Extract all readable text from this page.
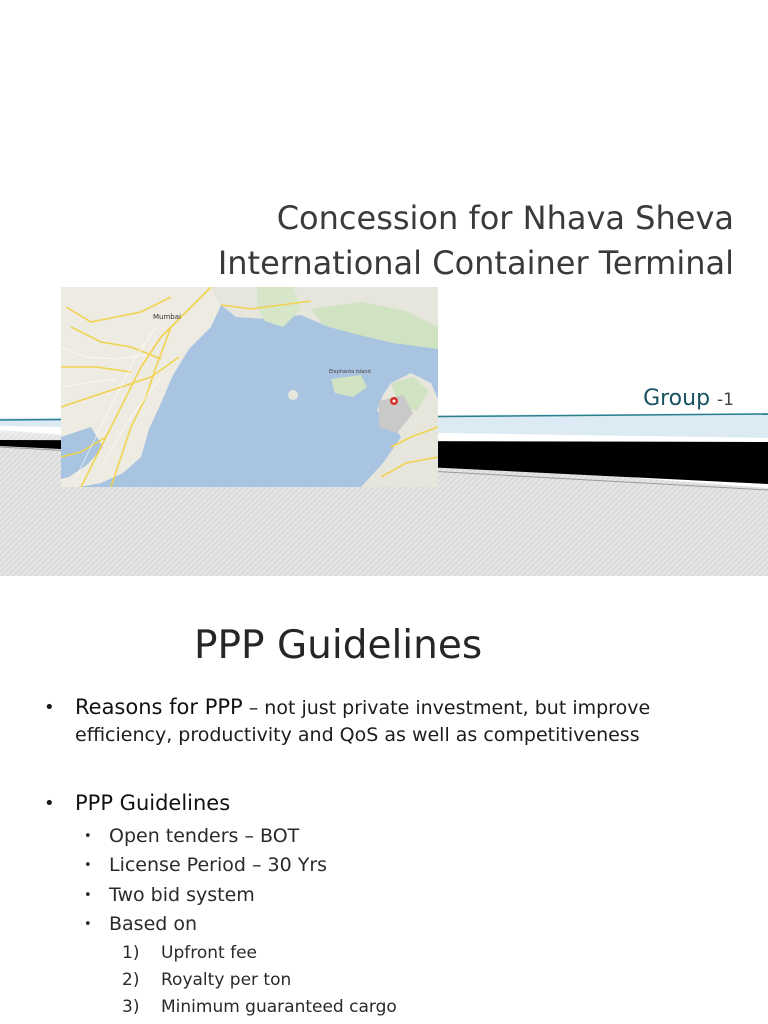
Mumbai
Elephanta Island
Concession for Nhava Sheva
International Container Terminal
Group -1
PPP Guidelines
• Reasons for PPP – not just private investment, but improve efficiency, productivity and QoS as well as competitiveness
• PPP Guidelines
• Open tenders – BOT
• License Period – 30 Yrs
• Two bid system
• Based on
1) Upfront fee
2) Royalty per ton
3) Minimum guaranteed cargo
